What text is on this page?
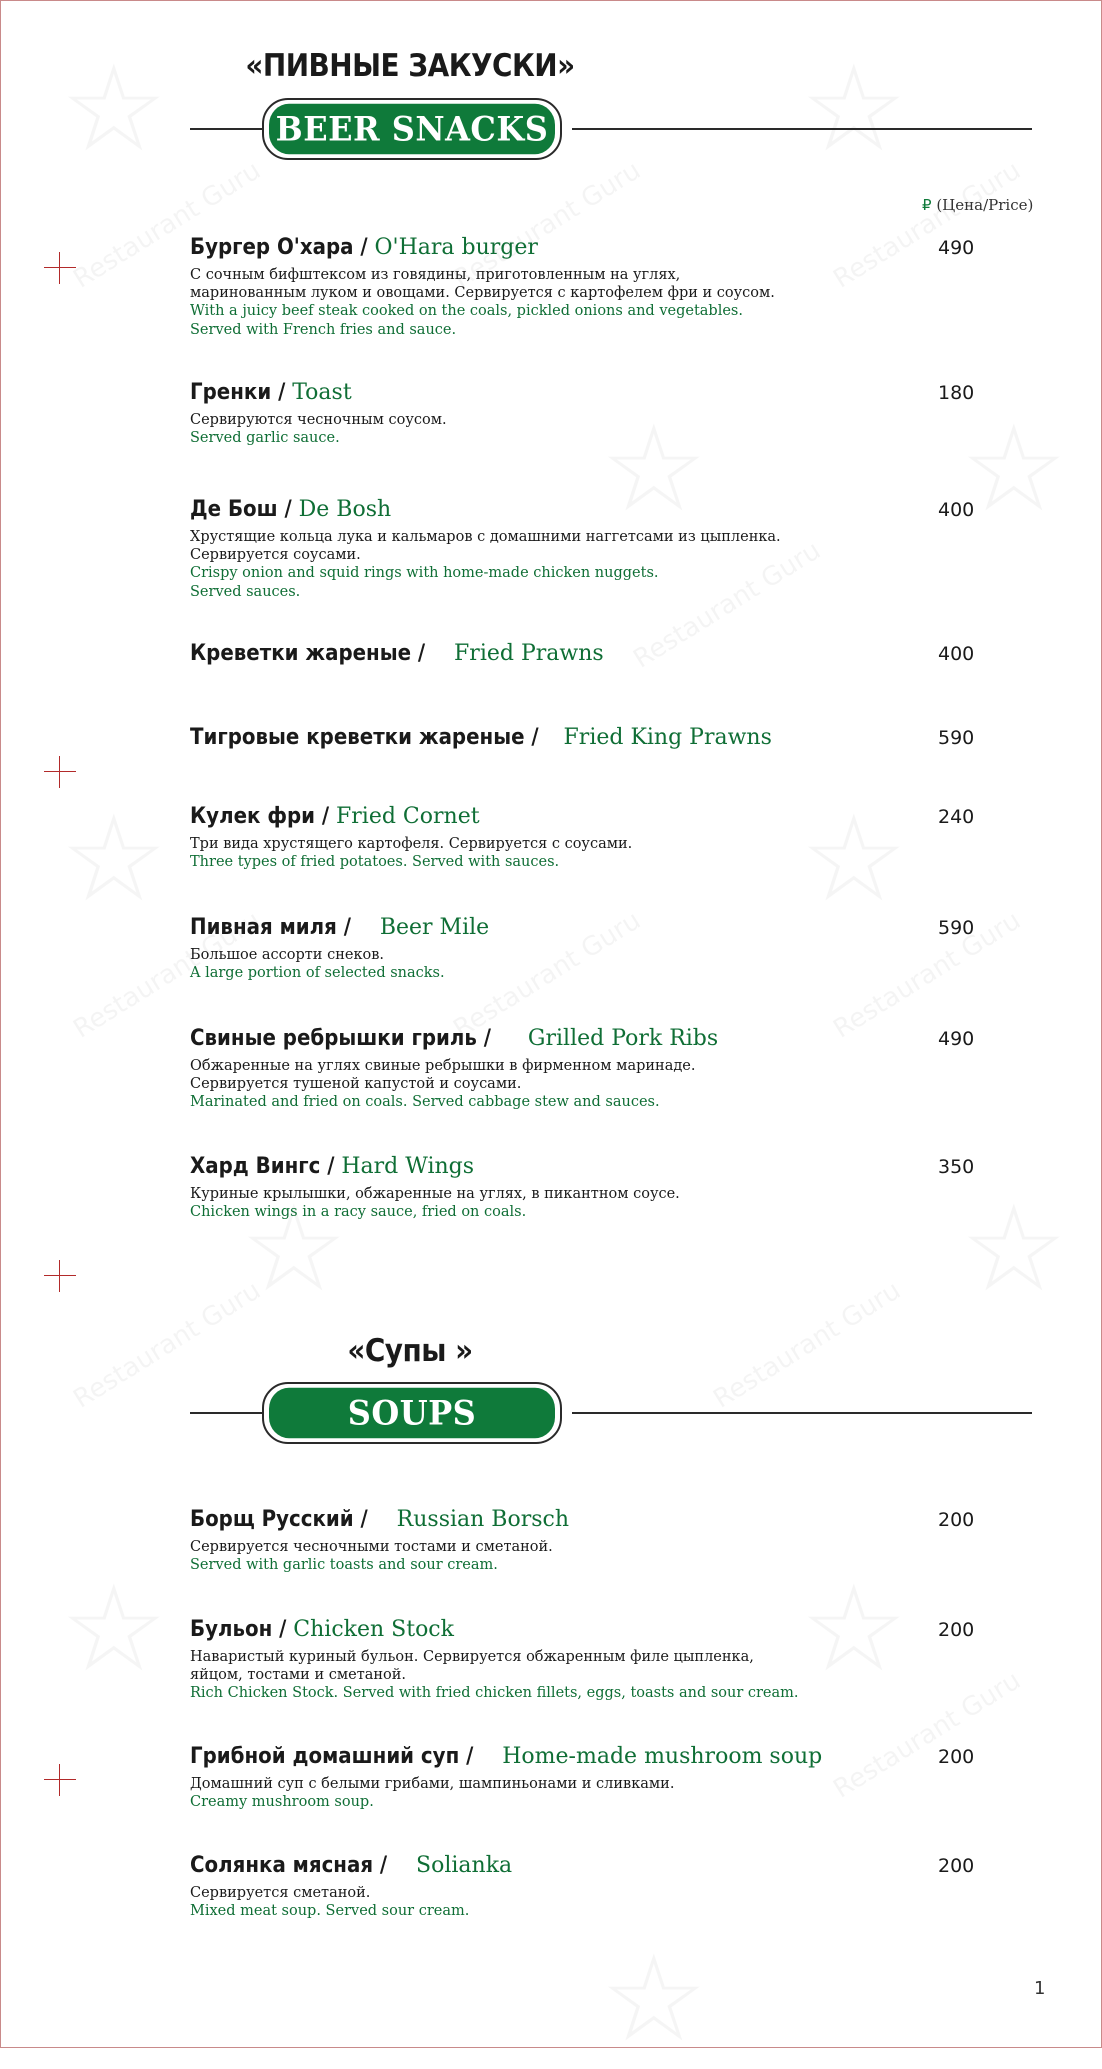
«ПИВНЫЕ ЗАКУСКИ»
BEER SNACKS
₽ (Цена/Price)
«Супы »
SOUPS
Бургер О'хара / O'Hara burger	490
С сочным бифштексом из говядины, приготовленным на углях,
маринованным луком и овощами. Сервируется с картофелем фри и соусом.
With a juicy beef steak cooked on the coals, pickled onions and vegetables.
Served with French fries and sauce.
Гренки / Toast	180
Сервируются чесночным соусом.
Served garlic sauce.
Де Бош / De Bosh	400
Хрустящие кольца лука и кальмаров с домашними наггетсами из цыпленка.
Сервируется соусами.
Crispy onion and squid rings with home-made chicken nuggets.
Served sauces.
Креветки жареные / Fried Prawns	400
Тигровые креветки жареные / Fried King Prawns	590
Кулек фри / Fried Cornet	240
Три вида хрустящего картофеля. Сервируется с соусами.
Three types of fried potatoes. Served with sauces.
Пивная миля / Beer Mile	590
Большое ассорти снеков.
A large portion of selected snacks.
Свиные ребрышки гриль / Grilled Pork Ribs	490
Обжаренные на углях свиные ребрышки в фирменном маринаде.
Сервируется тушеной капустой и соусами.
Marinated and fried on coals. Served cabbage stew and sauces.
Хард Вингс / Hard Wings	350
Куриные крылышки, обжаренные на углях, в пикантном соусе.
Chicken wings in a racy sauce, fried on coals.
Борщ Русский / Russian Borsch	200
Сервируется чесночными тостами и сметаной.
Served with garlic toasts and sour cream.
Бульон / Chicken Stock	200
Наваристый куриный бульон. Сервируется обжаренным филе цыпленка,
яйцом, тостами и сметаной.
Rich Chicken Stock. Served with fried chicken fillets, eggs, toasts and sour cream.
Грибной домашний суп / Home-made mushroom soup	200
Домашний суп с белыми грибами, шампиньонами и сливками.
Creamy mushroom soup.
Солянка мясная / Solianka	200
Сервируется сметаной.
Mixed meat soup. Served sour cream.
1
